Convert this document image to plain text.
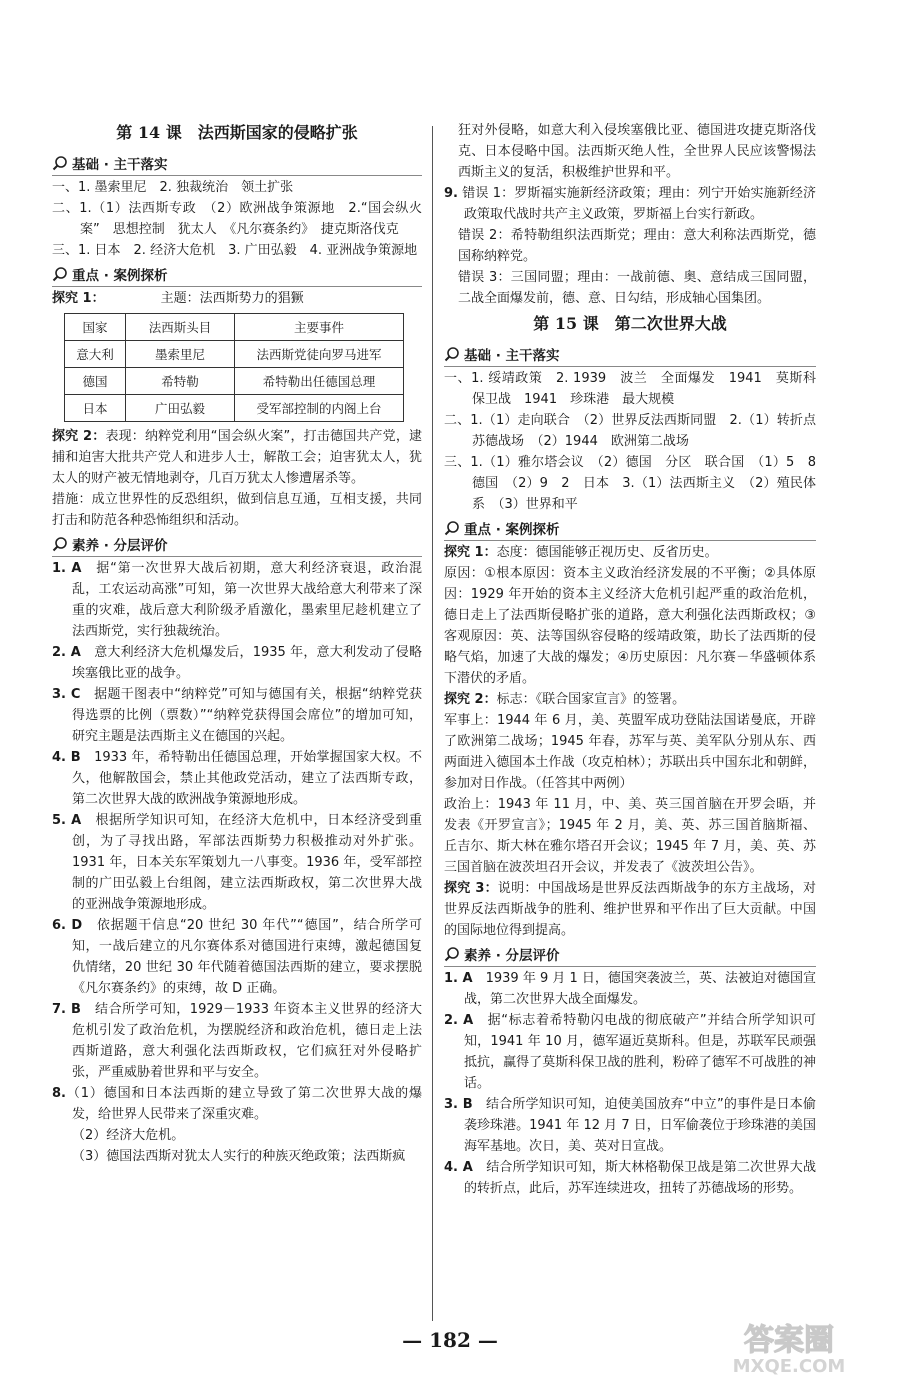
第 14 课　法西斯国家的侵略扩张
基础 · 主干落实

一、1. 墨索里尼　2. 独裁统治　领土扩张

二、1.（1）法西斯专政　（2）欧洲战争策源地　2.“国会纵火案”　思想控制　犹太人　《凡尔赛条约》　捷克斯洛伐克

三、1. 日本　2. 经济大危机　3. 广田弘毅　4. 亚洲战争策源地

重点 · 案例探析

探究 1：	主题：法西斯势力的猖獗

国家	法西斯头目	主要事件
意大利	墨索里尼	法西斯党徒向罗马进军
德国	希特勒	希特勒出任德国总理
日本	广田弘毅	受军部控制的内阁上台

探究 2：表现：纳粹党利用“国会纵火案”，打击德国共产党，逮捕和迫害大批共产党人和进步人士，解散工会；迫害犹太人，犹太人的财产被无情地剥夺，几百万犹太人惨遭屠杀等。

措施：成立世界性的反恐组织，做到信息互通，互相支援，共同打击和防范各种恐怖组织和活动。

素养 · 分层评价

1. A　 据“第一次世界大战后初期，意大利经济衰退，政治混乱，工农运动高涨”可知，第一次世界大战给意大利带来了深重的灾难，战后意大利阶级矛盾激化，墨索里尼趁机建立了法西斯党，实行独裁统治。

2. A　 意大利经济大危机爆发后，1935 年，意大利发动了侵略埃塞俄比亚的战争。

3. C　 据题干图表中“纳粹党”可知与德国有关，根据“纳粹党获得选票的比例（票数）”“纳粹党获得国会席位”的增加可知，研究主题是法西斯主义在德国的兴起。

4. B　 1933 年，希特勒出任德国总理，开始掌握国家大权。不久，他解散国会，禁止其他政党活动，建立了法西斯专政，第二次世界大战的欧洲战争策源地形成。

5. A　 根据所学知识可知，在经济大危机中，日本经济受到重创，为了寻找出路，军部法西斯势力积极推动对外扩张。1931 年，日本关东军策划九一八事变。1936 年，受军部控制的广田弘毅上台组阁，建立法西斯政权，第二次世界大战的亚洲战争策源地形成。

6. D　 依据题干信息“20 世纪 30 年代”“德国”，结合所学可知，一战后建立的凡尔赛体系对德国进行束缚，激起德国复仇情绪，20 世纪 30 年代随着德国法西斯的建立，要求摆脱《凡尔赛条约》的束缚，故 D 正确。

7. B　 结合所学可知，1929－1933 年资本主义世界的经济大危机引发了政治危机，为摆脱经济和政治危机，德日走上法西斯道路，意大利强化法西斯政权，它们疯狂对外侵略扩张，严重威胁着世界和平与安全。

8.（1）德国和日本法西斯的建立导致了第二次世界大战的爆发，给世界人民带来了深重灾难。

（2）经济大危机。

（3）德国法西斯对犹太人实行的种族灭绝政策；法西斯疯

狂对外侵略，如意大利入侵埃塞俄比亚、德国进攻捷克斯洛伐克、日本侵略中国。法西斯灭绝人性，全世界人民应该警惕法西斯主义的复活，积极维护世界和平。

9. 错误 1：罗斯福实施新经济政策；理由：列宁开始实施新经济政策取代战时共产主义政策，罗斯福上台实行新政。

错误 2：希特勒组织法西斯党；理由：意大利称法西斯党，德国称纳粹党。

错误 3：三国同盟；理由：一战前德、奥、意结成三国同盟，二战全面爆发前，德、意、日勾结，形成轴心国集团。

第 15 课　第二次世界大战
基础 · 主干落实

一、1. 绥靖政策　2. 1939　波兰　全面爆发　1941　莫斯科保卫战　1941　珍珠港　最大规模

二、1.（1）走向联合　（2）世界反法西斯同盟　2.（1）转折点　苏德战场　（2）1944　欧洲第二战场

三、1.（1）雅尔塔会议　（2）德国　分区　联合国　（1）5　8　德国　（2）9　2　日本　3.（1）法西斯主义　（2）殖民体系　（3）世界和平

重点 · 案例探析

探究 1：态度：德国能够正视历史、反省历史。

原因：①根本原因：资本主义政治经济发展的不平衡；②具体原因：1929 年开始的资本主义经济大危机引起严重的政治危机，德日走上了法西斯侵略扩张的道路，意大利强化法西斯政权；③客观原因：英、法等国纵容侵略的绥靖政策，助长了法西斯的侵略气焰，加速了大战的爆发；④历史原因：凡尔赛－华盛顿体系下潜伏的矛盾。

探究 2：标志：《联合国家宣言》的签署。

军事上：1944 年 6 月，美、英盟军成功登陆法国诺曼底，开辟了欧洲第二战场；1945 年春，苏军与英、美军队分别从东、西两面进入德国本土作战（攻克柏林）；苏联出兵中国东北和朝鲜，参加对日作战。（任答其中两例）

政治上：1943 年 11 月，中、美、英三国首脑在开罗会晤，并发表《开罗宣言》；1945 年 2 月，美、英、苏三国首脑斯福、丘吉尔、斯大林在雅尔塔召开会议；1945 年 7 月，美、英、苏三国首脑在波茨坦召开会议，并发表了《波茨坦公告》。

探究 3：说明：中国战场是世界反法西斯战争的东方主战场，对世界反法西斯战争的胜利、维护世界和平作出了巨大贡献。中国的国际地位得到提高。

素养 · 分层评价

1. A　 1939 年 9 月 1 日，德国突袭波兰，英、法被迫对德国宣战，第二次世界大战全面爆发。

2. A　 据“标志着希特勒闪电战的彻底破产”并结合所学知识可知，1941 年 10 月，德军逼近莫斯科。但是，苏联军民顽强抵抗，赢得了莫斯科保卫战的胜利，粉碎了德军不可战胜的神话。

3. B　 结合所学知识可知，迫使美国放弃“中立”的事件是日本偷袭珍珠港。1941 年 12 月 7 日，日军偷袭位于珍珠港的美国海军基地。次日，美、英对日宣战。

4. A　 结合所学知识可知，斯大林格勒保卫战是第二次世界大战的转折点，此后，苏军连续进攻，扭转了苏德战场的形势。

— 182 —	答案圈
MXQE.COM
